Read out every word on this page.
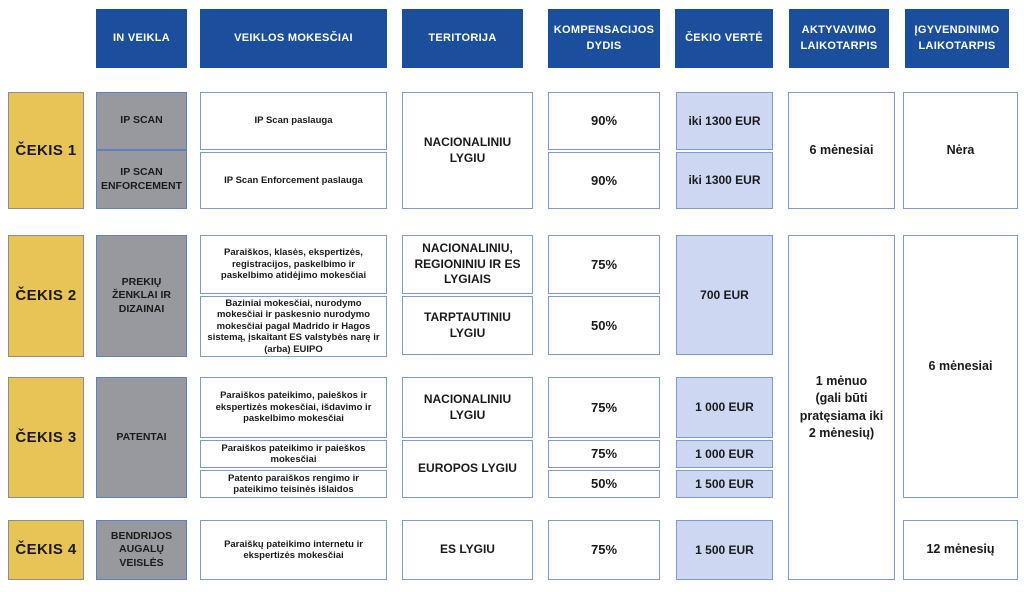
IN VEIKLA	VEIKLOS MOKESČIAI	TERITORIJA
KOMPENSACIJOS DYDIS
ČEKIO VERTĖ
AKTYVAVIMO LAIKOTARPIS
ĮGYVENDINIMO LAIKOTARPIS
ČEKIS 1
IP SCAN
IP SCAN ENFORCEMENT
IP Scan paslauga
IP Scan Enforcement paslauga
NACIONALINIU LYGIU
90%
90%
iki 1300 EUR
iki 1300 EUR
6 mėnesiai	Nėra
ČEKIS 2
PREKIŲ ŽENKLAI IR DIZAINAI
Paraiškos, klasės, ekspertizės, registracijos, paskelbimo ir paskelbimo atidėjimo mokesčiai
Baziniai mokesčiai, nurodymo mokesčiai ir paskesnio nurodymo mokesčiai pagal Madrido ir Hagos sistemą, įskaitant ES valstybės narę ir (arba) EUIPO
NACIONALINIU, REGIONINIU IR ES LYGIAIS
TARPTAUTINIU LYGIU
75%
50%
700 EUR
1 mėnuo
(gali būti
pratęsiama iki
2 mėnesių)
6 mėnesiai
ČEKIS 3	PATENTAI
Paraiškos pateikimo, paieškos ir ekspertizės mokesčiai, išdavimo ir paskelbimo mokesčiai
Paraiškos pateikimo ir paieškos mokesčiai
Patento paraiškos rengimo ir pateikimo teisinės išlaidos
NACIONALINIU LYGIU
EUROPOS LYGIU
75%
75%
50%
1 000 EUR
1 000 EUR
1 500 EUR
ČEKIS 4
BENDRIJOS AUGALŲ VEISLĖS
Paraiškų pateikimo internetu ir ekspertizės mokesčiai	ES LYGIU	75%	1 500 EUR	12 mėnesių
